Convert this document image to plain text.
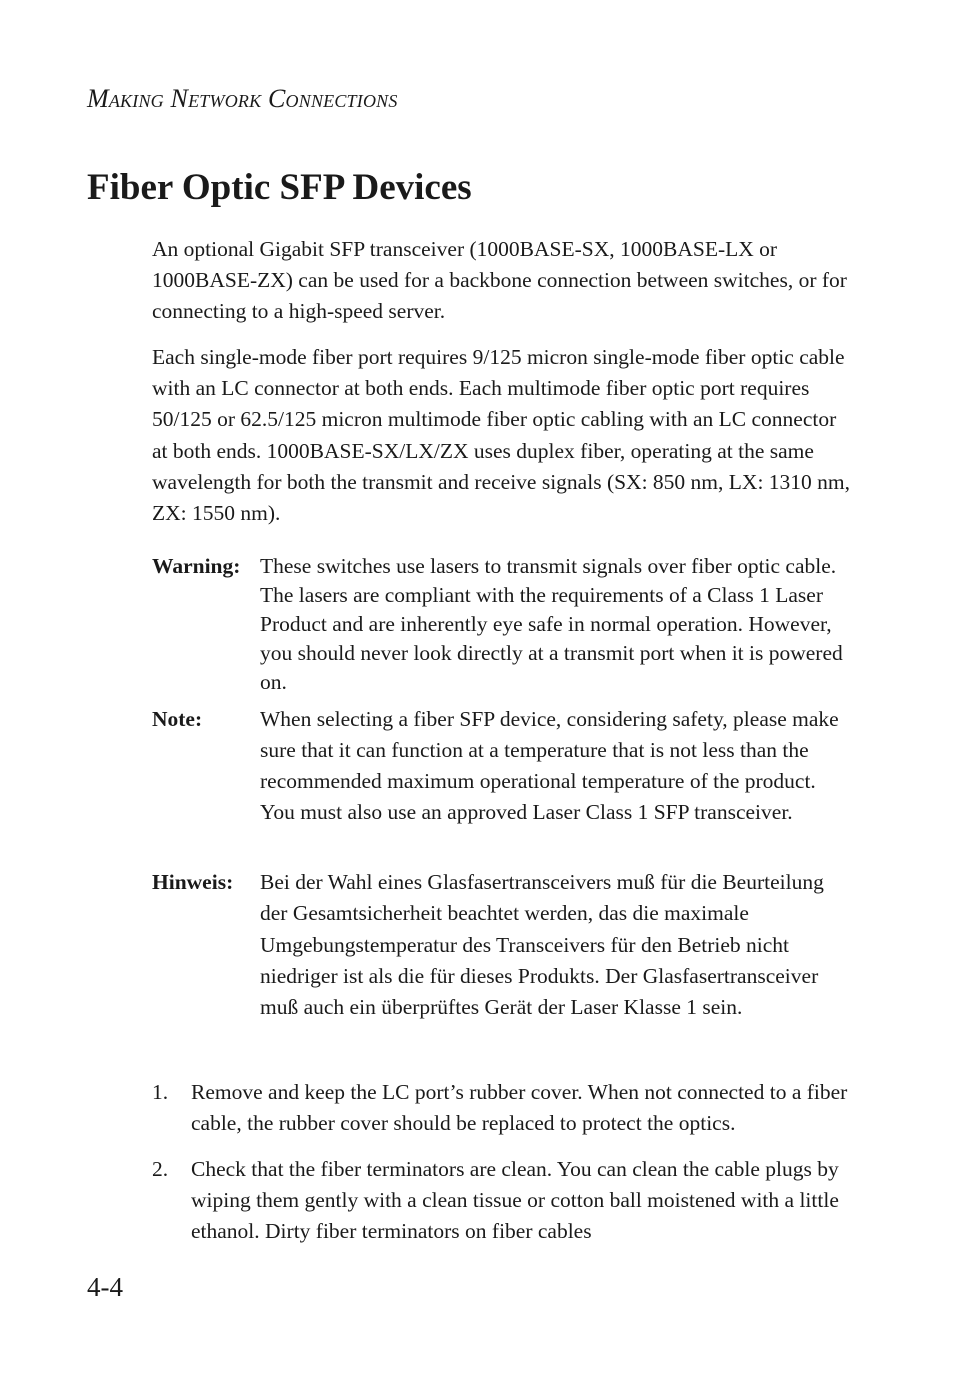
Making Network Connections
Fiber Optic SFP Devices

An optional Gigabit SFP transceiver (1000BASE-SX, 1000BASE-LX or 1000BASE-ZX) can be used for a backbone connection between switches, or for connecting to a high-speed server.

Each single-mode fiber port requires 9/125 micron single-mode fiber optic cable with an LC connector at both ends. Each multimode fiber optic port requires 50/125 or 62.5/125 micron multimode fiber optic cabling with an LC connector at both ends. 1000BASE-SX/LX/ZX uses duplex fiber, operating at the same wavelength for both the transmit and receive signals (SX: 850 nm, LX: 1310 nm, ZX: 1550 nm).

Warning: These switches use lasers to transmit signals over fiber optic cable. The lasers are compliant with the requirements of a Class 1 Laser Product and are inherently eye safe in normal operation. However, you should never look directly at a transmit port when it is powered on.
Note:	When selecting a fiber SFP device, considering safety, please make sure that it can function at a temperature that is not less than the recommended maximum operational temperature of the product. You must also use an approved Laser Class 1 SFP transceiver.
Hinweis: Bei der Wahl eines Glasfasertransceivers muß für die Beurteilung der Gesamtsicherheit beachtet werden, das die maximale Umgebungstemperatur des Transceivers für den Betrieb nicht niedriger ist als die für dieses Produkts. Der Glasfasertransceiver muß auch ein überprüftes Gerät der Laser Klasse 1 sein.
1. Remove and keep the LC port’s rubber cover. When not connected to a fiber cable, the rubber cover should be replaced to protect the optics.
2. Check that the fiber terminators are clean. You can clean the cable plugs by wiping them gently with a clean tissue or cotton ball moistened with a little ethanol. Dirty fiber terminators on fiber cables
4-4
